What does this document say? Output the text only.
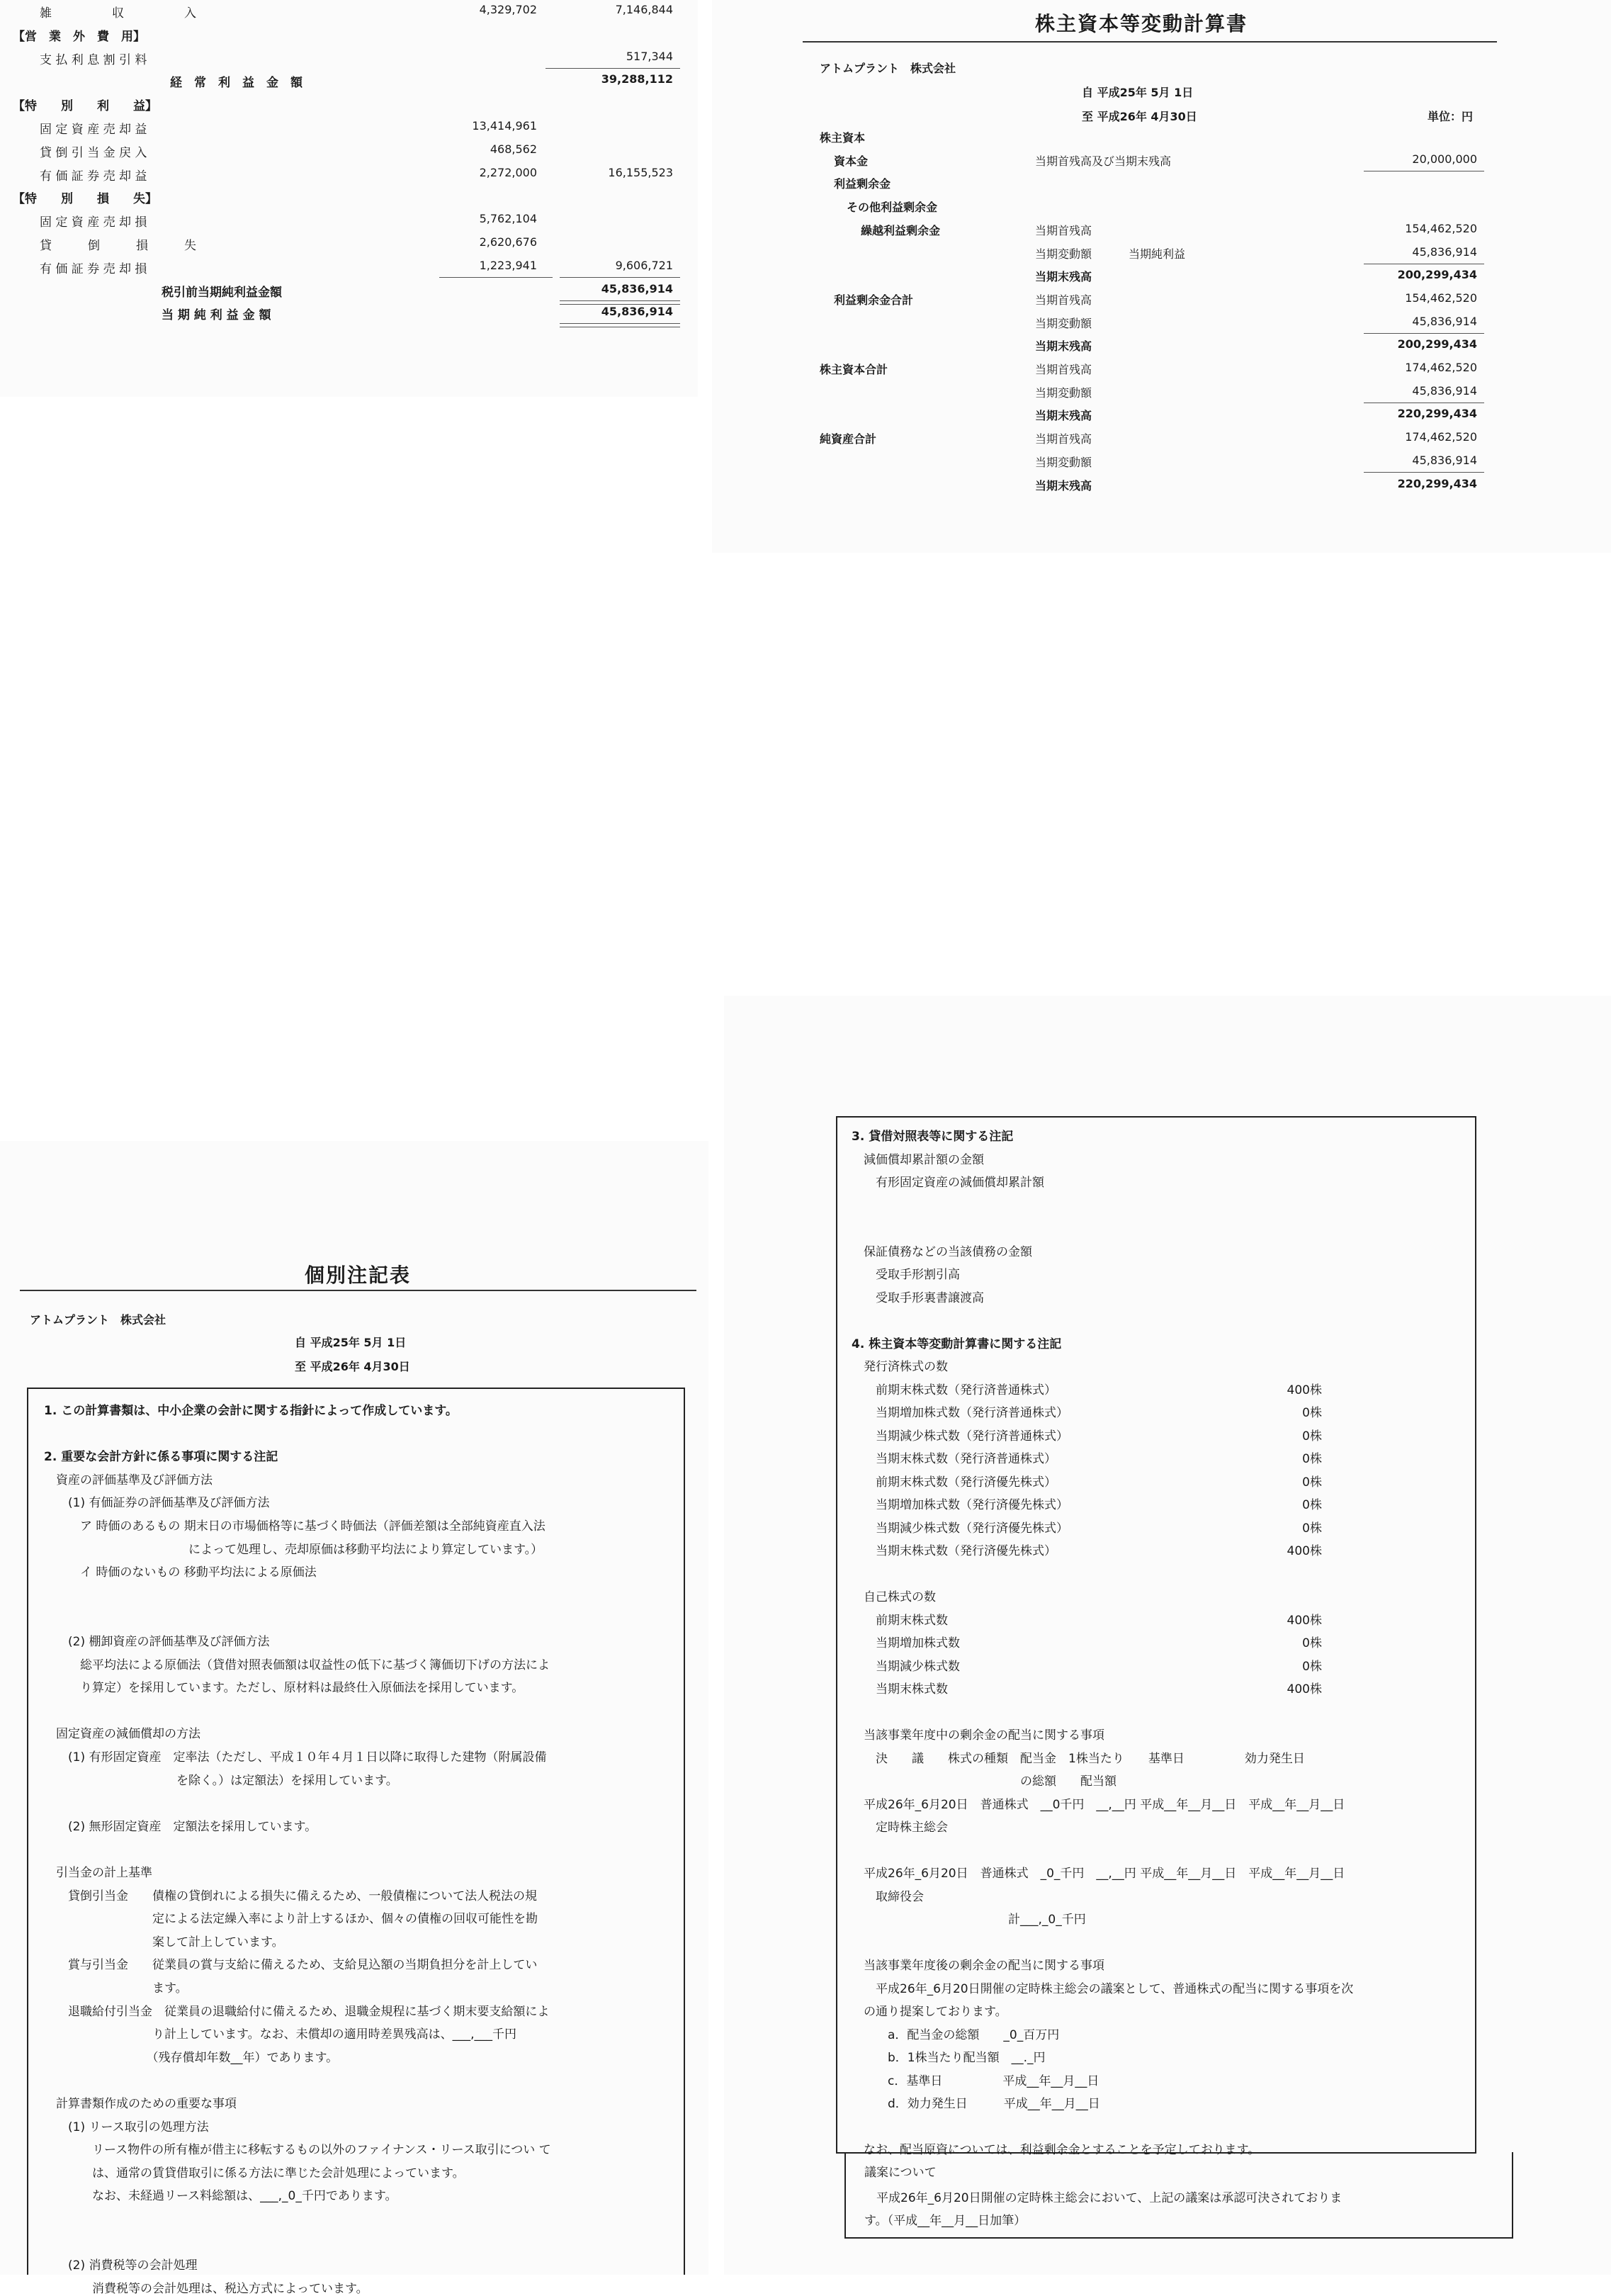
雑　　　　　収　　　　　入	4,329,702	7,146,844
【営　業　外　費　用】
支 払 利 息 割 引 料	517,344
経　常　利　益　金　額	39,288,112
【特　　別　　利　　益】
固 定 資 産 売 却 益	13,414,961
貸 倒 引 当 金 戻 入	468,562
有 価 証 券 売 却 益	2,272,000	16,155,523
【特　　別　　損　　失】
固 定 資 産 売 却 損	5,762,104
貸　　　倒　　　損　　　失	2,620,676
有 価 証 券 売 却 損	1,223,941	9,606,721
税引前当期純利益金額	45,836,914
当 期 純 利 益 金 額	45,836,914
株主資本等変動計算書
アトムプラント　株式会社
自 平成25年 5月 1日
至 平成26年 4月30日	単位：円
株主資本
資本金	当期首残高及び当期末残高	20,000,000
利益剰余金
その他利益剰余金
繰越利益剰余金	当期首残高	154,462,520
当期変動額	当期純利益	45,836,914
当期末残高	200,299,434
利益剰余金合計	当期首残高	154,462,520
当期変動額	45,836,914
当期末残高	200,299,434
株主資本合計	当期首残高	174,462,520
当期変動額	45,836,914
当期末残高	220,299,434
純資産合計	当期首残高	174,462,520
当期変動額	45,836,914
当期末残高	220,299,434
個別注記表
アトムプラント　株式会社
自 平成25年 5月 1日
至 平成26年 4月30日
1. この計算書類は、中小企業の会計に関する指針によって作成しています。
2. 重要な会計方針に係る事項に関する注記
　資産の評価基準及び評価方法
　　(1) 有価証券の評価基準及び評価方法
　　　ア 時価のあるもの 期末日の市場価格等に基づく時価法（評価差額は全部純資産直入法
　　　　　　　　　　　　によって処理し、売却原価は移動平均法により算定しています。）
　　　イ 時価のないもの 移動平均法による原価法
　　(2) 棚卸資産の評価基準及び評価方法
　　　総平均法による原価法（貸借対照表価額は収益性の低下に基づく簿価切下げの方法によ
　　　り算定）を採用しています。ただし、原材料は最終仕入原価法を採用しています。
　固定資産の減価償却の方法
　　(1) 有形固定資産　定率法（ただし、平成１０年４月１日以降に取得した建物（附属設備
　　　　　　　　　　　を除く。）は定額法）を採用しています。
　　(2) 無形固定資産　定額法を採用しています。
　引当金の計上基準
　　貸倒引当金　　債権の貸倒れによる損失に備えるため、一般債権について法人税法の規
　　　　　　　　　定による法定繰入率により計上するほか、個々の債権の回収可能性を勘
　　　　　　　　　案して計上しています。
　　賞与引当金　　従業員の賞与支給に備えるため、支給見込額の当期負担分を計上してい
　　　　　　　　　ます。
　　退職給付引当金　従業員の退職給付に備えるため、退職金規程に基づく期末要支給額によ
　　　　　　　　　り計上しています。なお、未償却の適用時差異残高は、___,___千円
　　　　　　　　　（残存償却年数__年）であります。
　計算書類作成のための重要な事項
　　(1) リース取引の処理方法
　　　　リース物件の所有権が借主に移転するもの以外のファイナンス・リース取引につい て
　　　　は、通常の賃貸借取引に係る方法に準じた会計処理によっています。
　　　　なお、未経過リース料総額は、___,_0_千円であります。
　　(2) 消費税等の会計処理
　　　　消費税等の会計処理は、税込方式によっています。
3. 貸借対照表等に関する注記
　減価償却累計額の金額
　　有形固定資産の減価償却累計額
　保証債務などの当該債務の金額
　　受取手形割引高
　　受取手形裏書譲渡高
4. 株主資本等変動計算書に関する注記
　発行済株式の数
　　前期末株式数（発行済普通株式）	400株
　　当期増加株式数（発行済普通株式）	0株
　　当期減少株式数（発行済普通株式）	0株
　　当期末株式数（発行済普通株式）	0株
　　前期末株式数（発行済優先株式）	0株
　　当期増加株式数（発行済優先株式）	0株
　　当期減少株式数（発行済優先株式）	0株
　　当期末株式数（発行済優先株式）	400株
　自己株式の数
　　前期末株式数	400株
　　当期増加株式数	0株
　　当期減少株式数	0株
　　当期末株式数	400株
　当該事業年度中の剰余金の配当に関する事項
　　決　　議　　株式の種類　配当金　1株当たり　　基準日　　　　　効力発生日
　　　　　　　　　　　　　　の総額　　配当額
　平成26年_6月20日　普通株式　__0千円　__,__円 平成__年__月__日　平成__年__月__日
　　定時株主総会
　平成26年_6月20日　普通株式　_0_千円　__,__円 平成__年__月__日　平成__年__月__日
　　取締役会
　　　　　　　　　　　　　計___,_0_千円
　当該事業年度後の剰余金の配当に関する事項
　　平成26年_6月20日開催の定時株主総会の議案として、普通株式の配当に関する事項を次
　の通り提案しております。
　　　a．配当金の総額　　_0_百万円
　　　b．1株当たり配当額　__._円
　　　c．基準日　　　　　平成__年__月__日
　　　d．効力発生日　　　平成__年__月__日
　なお、配当原資については、利益剰余金とすることを予定しております。
議案について
　平成26年_6月20日開催の定時株主総会において、上記の議案は承認可決されておりま
す。（平成__年__月__日加筆）
